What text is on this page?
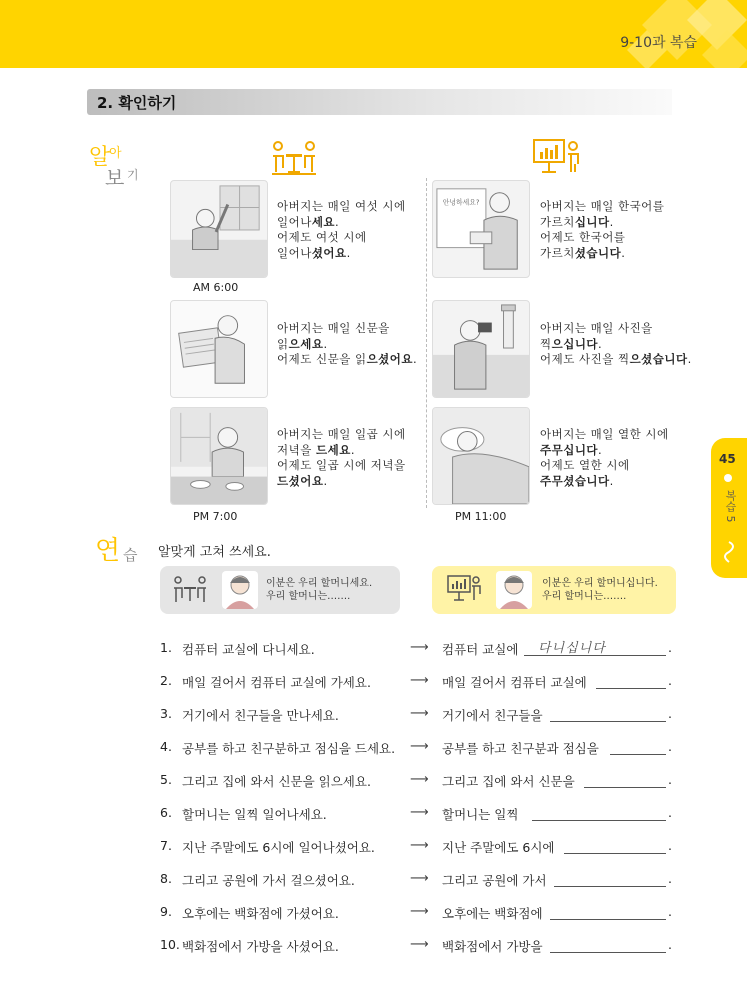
9-10과 복습
2. 확인하기
알
아
보 기
AM 6:00
PM 7:00
아버지는 매일 여섯 시에
일어나세요.
어제도 여섯 시에
일어나셨어요.
아버지는 매일 신문을
읽으세요.
어제도 신문을 읽으셨어요.
아버지는 매일 일곱 시에
저녁을 드세요.
어제도 일곱 시에 저녁을
드셨어요.
안녕하세요?
PM 11:00
아버지는 매일 한국어를
가르치십니다.
어제도 한국어를
가르치셨습니다.
아버지는 매일 사진을
찍으십니다.
어제도 사진을 찍으셨습니다.
아버지는 매일 열한 시에
주무십니다.
어제도 열한 시에
주무셨습니다.
45
복습 5
연 습 알맞게 고쳐 쓰세요.
이분은 우리 할머니세요.
우리 할머니는…….
이분은 우리 할머니십니다.
우리 할머니는…….
1. 컴퓨터 교실에 다니세요.	⟶ 컴퓨터 교실에 다니십니다	.
2. 매일 걸어서 컴퓨터 교실에 가세요.	⟶ 매일 걸어서 컴퓨터 교실에	.
3. 거기에서 친구들을 만나세요.	⟶ 거기에서 친구들을	.
4. 공부를 하고 친구분하고 점심을 드세요. ⟶ 공부를 하고 친구분과 점심을	.
5. 그리고 집에 와서 신문을 읽으세요.	⟶ 그리고 집에 와서 신문을	.
6. 할머니는 일찍 일어나세요.	⟶ 할머니는 일찍	.
7. 지난 주말에도 6시에 일어나셨어요.	⟶ 지난 주말에도 6시에	.
8. 그리고 공원에 가서 걸으셨어요.	⟶ 그리고 공원에 가서	.
9. 오후에는 백화점에 가셨어요.	⟶ 오후에는 백화점에	.
10. 백화점에서 가방을 사셨어요.	⟶ 백화점에서 가방을	.
